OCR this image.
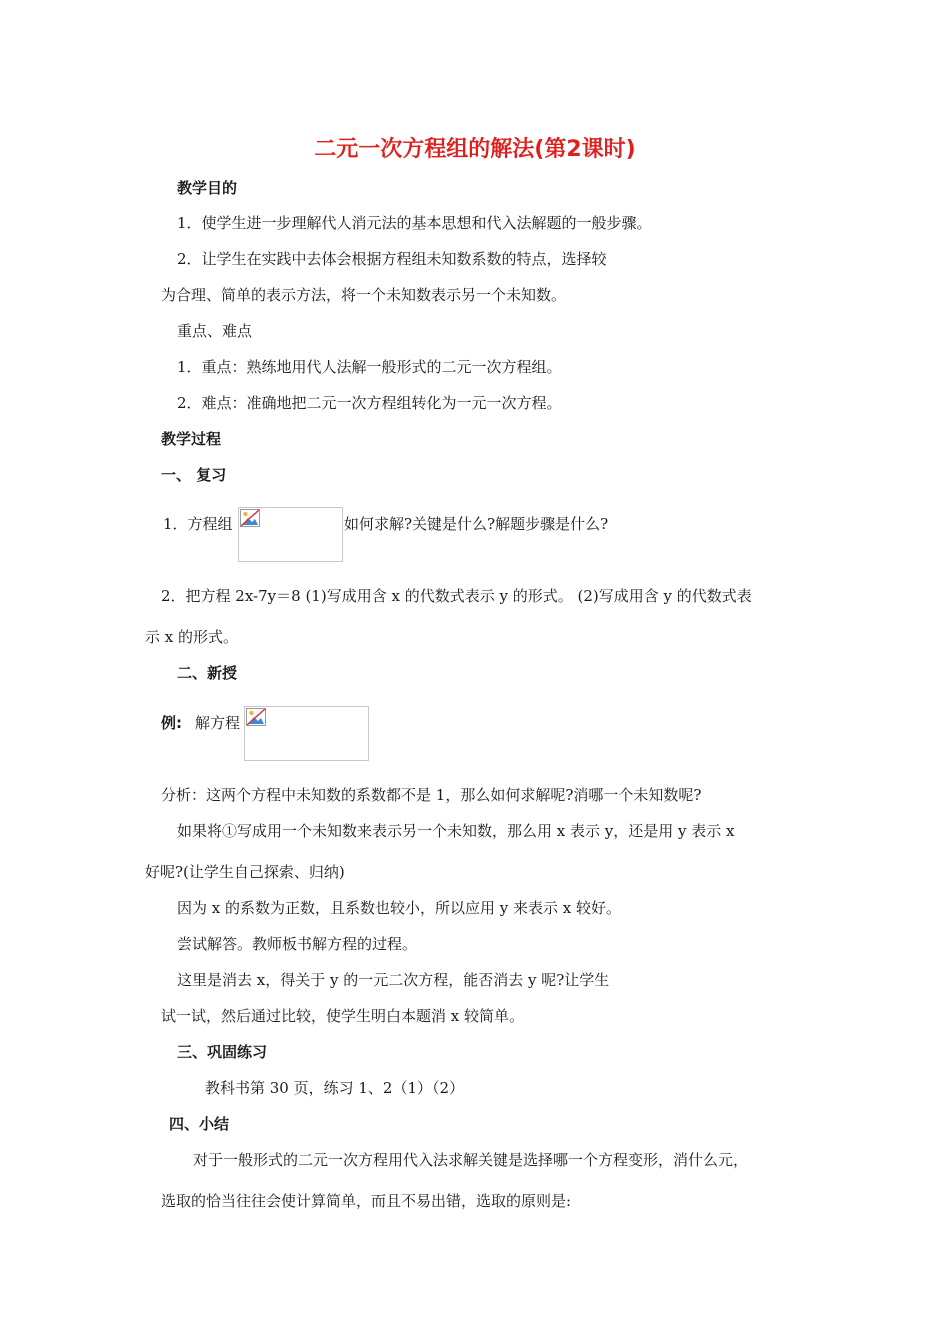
二元一次方程组的解法(第2课时)
教学目的
1．使学生进一步理解代人消元法的基本思想和代入法解题的一般步骤。
2．让学生在实践中去体会根据方程组未知数系数的特点，选择较
为合理、简单的表示方法，将一个未知数表示另一个未知数。
重点、难点
1．重点：熟练地用代人法解一般形式的二元一次方程组。
2．难点：准确地把二元一次方程组转化为一元一次方程。
教学过程
一、 复习
1．方程组	如何求解?关键是什么?解题步骤是什么?
2．把方程 2x-7y＝8 (1)写成用含 x 的代数式表示 y 的形式。 (2)写成用含 y 的代数式表
示 x 的形式。
二、新授
例: 解方程
分析：这两个方程中未知数的系数都不是 1，那么如何求解呢?消哪一个未知数呢?
如果将①写成用一个未知数来表示另一个未知数，那么用 x 表示 y，还是用 y 表示 x
好呢?(让学生自己探索、归纳)
因为 x 的系数为正数，且系数也较小，所以应用 y 来表示 x 较好。
尝试解答。教师板书解方程的过程。
这里是消去 x，得关于 y 的一元二次方程，能否消去 y 呢?让学生
试一试，然后通过比较，使学生明白本题消 x 较简单。
三、巩固练习
教科书第 30 页，练习 1、2（1）（2）
四、小结
对于一般形式的二元一次方程用代入法求解关键是选择哪一个方程变形，消什么元，
选取的恰当往往会使计算简单，而且不易出错，选取的原则是:
